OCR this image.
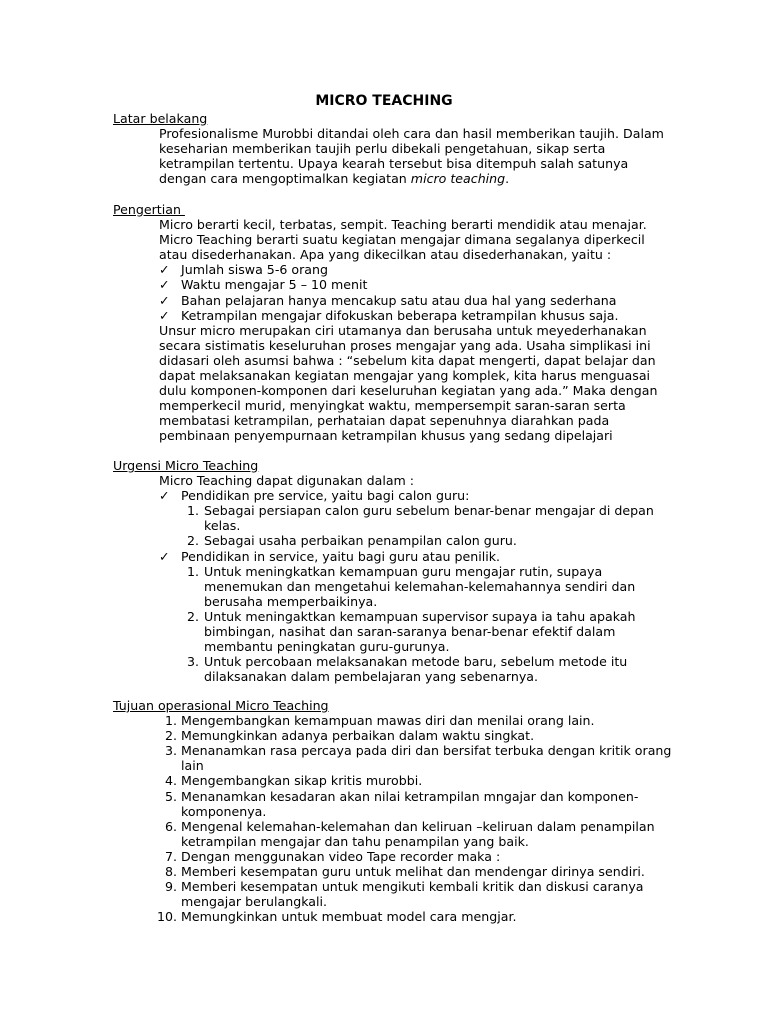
MICRO TEACHING
Latar belakang
Profesionalisme Murobbi ditandai oleh cara dan hasil memberikan taujih. Dalam keseharian memberikan taujih perlu dibekali pengetahuan, sikap serta ketrampilan tertentu. Upaya kearah tersebut bisa ditempuh salah satunya dengan cara mengoptimalkan kegiatan micro teaching.
Pengertian
Micro berarti kecil, terbatas, sempit. Teaching berarti mendidik atau menajar. Micro Teaching berarti suatu kegiatan mengajar dimana segalanya diperkecil atau disederhanakan. Apa yang dikecilkan atau disederhanakan, yaitu :
✓ Jumlah siswa 5-6 orang
✓ Waktu mengajar 5 – 10 menit
✓ Bahan pelajaran hanya mencakup satu atau dua hal yang sederhana
✓ Ketrampilan mengajar difokuskan beberapa ketrampilan khusus saja.
Unsur micro merupakan ciri utamanya dan berusaha untuk meyederhanakan secara sistimatis keseluruhan proses mengajar yang ada. Usaha simplikasi ini didasari oleh asumsi bahwa : “sebelum kita dapat mengerti, dapat belajar dan dapat melaksanakan kegiatan mengajar yang komplek, kita harus menguasai dulu komponen-komponen dari keseluruhan kegiatan yang ada.” Maka dengan memperkecil murid, menyingkat waktu, mempersempit saran-saran serta membatasi ketrampilan, perhataian dapat sepenuhnya diarahkan pada pembinaan penyempurnaan ketrampilan khusus yang sedang dipelajari
Urgensi Micro Teaching
Micro Teaching dapat digunakan dalam :
✓ Pendidikan pre service, yaitu bagi calon guru:
1. Sebagai persiapan calon guru sebelum benar-benar mengajar di depan kelas.
2. Sebagai usaha perbaikan penampilan calon guru.
✓ Pendidikan in service, yaitu bagi guru atau penilik.
1. Untuk meningkatkan kemampuan guru mengajar rutin, supaya menemukan dan mengetahui kelemahan-kelemahannya sendiri dan berusaha memperbaikinya.
2. Untuk meningaktkan kemampuan supervisor supaya ia tahu apakah bimbingan, nasihat dan saran-saranya benar-benar efektif dalam membantu peningkatan guru-gurunya.
3. Untuk percobaan melaksanakan metode baru, sebelum metode itu dilaksanakan dalam pembelajaran yang sebenarnya.
Tujuan operasional Micro Teaching
1. Mengembangkan kemampuan mawas diri dan menilai orang lain.
2. Memungkinkan adanya perbaikan dalam waktu singkat.
3. Menanamkan rasa percaya pada diri dan bersifat terbuka dengan kritik orang lain
4. Mengembangkan sikap kritis murobbi.
5. Menanamkan kesadaran akan nilai ketrampilan mngajar dan komponen-komponenya.
6. Mengenal kelemahan-kelemahan dan keliruan –keliruan dalam penampilan ketrampilan mengajar dan tahu penampilan yang baik.
7. Dengan menggunakan video Tape recorder maka :
8. Memberi kesempatan guru untuk melihat dan mendengar dirinya sendiri.
9. Memberi kesempatan untuk mengikuti kembali kritik dan diskusi caranya mengajar berulangkali.
10. Memungkinkan untuk membuat model cara mengjar.
